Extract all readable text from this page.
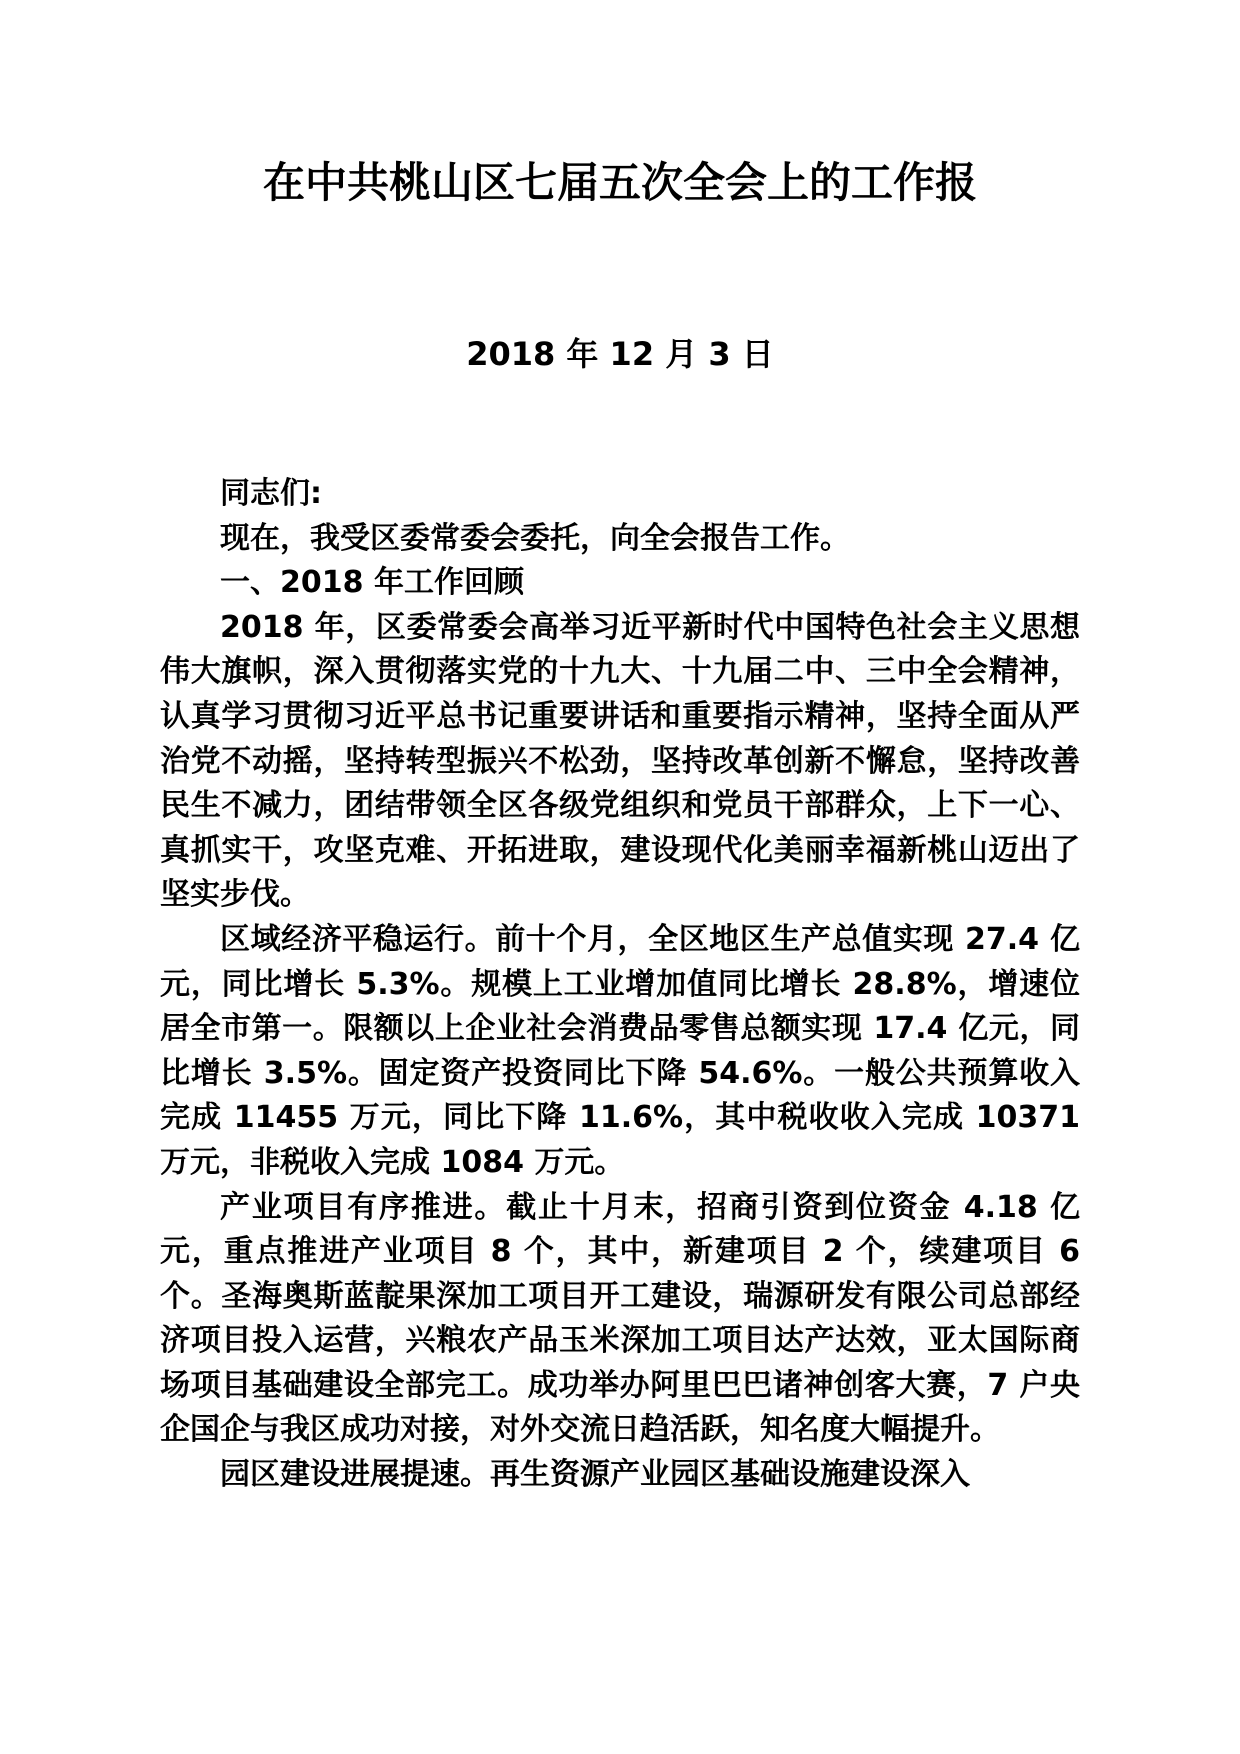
在中共桃山区七届五次全会上的工作报
2018 年 12 月 3 日

同志们:

现在，我受区委常委会委托，向全会报告工作。

一、2018 年工作回顾

2018 年，区委常委会高举习近平新时代中国特色社会主义思想伟大旗帜，深入贯彻落实党的十九大、十九届二中、三中全会精神，认真学习贯彻习近平总书记重要讲话和重要指示精神，坚持全面从严治党不动摇，坚持转型振兴不松劲，坚持改革创新不懈怠，坚持改善民生不减力，团结带领全区各级党组织和党员干部群众，上下一心、真抓实干，攻坚克难、开拓进取，建设现代化美丽幸福新桃山迈出了坚实步伐。

区域经济平稳运行。前十个月，全区地区生产总值实现 27.4 亿元，同比增长 5.3%。规模上工业增加值同比增长 28.8%，增速位居全市第一。限额以上企业社会消费品零售总额实现 17.4 亿元，同比增长 3.5%。固定资产投资同比下降 54.6%。一般公共预算收入完成 11455 万元，同比下降 11.6%，其中税收收入完成 10371 万元，非税收入完成 1084 万元。

产业项目有序推进。截止十月末，招商引资到位资金 4.18 亿元，重点推进产业项目 8 个，其中，新建项目 2 个，续建项目 6 个。圣海奥斯蓝靛果深加工项目开工建设，瑞源研发有限公司总部经济项目投入运营，兴粮农产品玉米深加工项目达产达效，亚太国际商场项目基础建设全部完工。成功举办阿里巴巴诸神创客大赛，7 户央企国企与我区成功对接，对外交流日趋活跃，知名度大幅提升。

园区建设进展提速。再生资源产业园区基础设施建设深入
